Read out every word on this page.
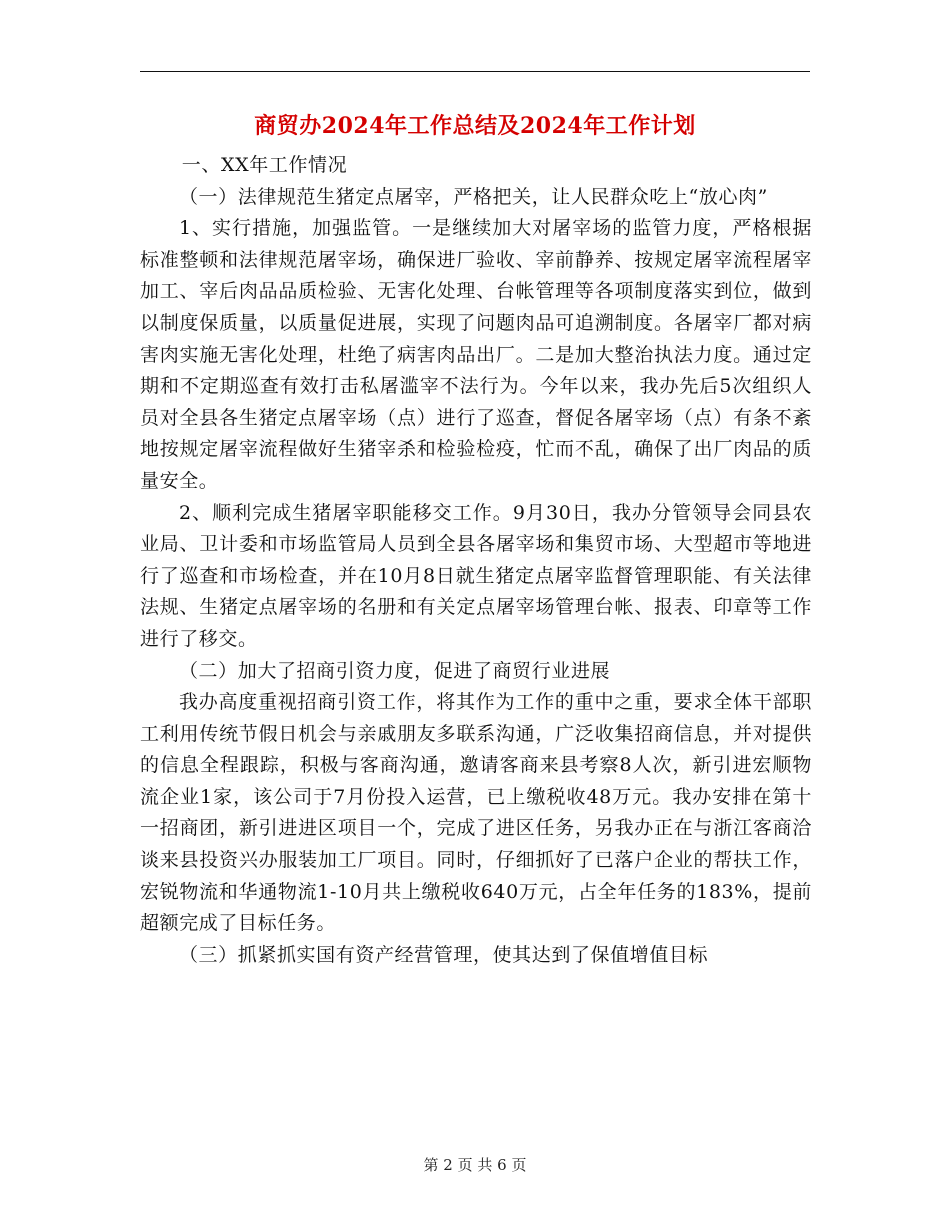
商贸办2024年工作总结及2024年工作计划

一、XX年工作情况

（一）法律规范生猪定点屠宰，严格把关，让人民群众吃上“放心肉”

1、实行措施，加强监管。一是继续加大对屠宰场的监管力度，严格根据标准整顿和法律规范屠宰场，确保进厂验收、宰前静养、按规定屠宰流程屠宰加工、宰后肉品品质检验、无害化处理、台帐管理等各项制度落实到位，做到以制度保质量，以质量促进展，实现了问题肉品可追溯制度。各屠宰厂都对病害肉实施无害化处理，杜绝了病害肉品出厂。二是加大整治执法力度。通过定期和不定期巡查有效打击私屠滥宰不法行为。今年以来，我办先后5次组织人员对全县各生猪定点屠宰场（点）进行了巡查，督促各屠宰场（点）有条不紊地按规定屠宰流程做好生猪宰杀和检验检疫，忙而不乱，确保了出厂肉品的质量安全。

2、顺利完成生猪屠宰职能移交工作。9月30日，我办分管领导会同县农业局、卫计委和市场监管局人员到全县各屠宰场和集贸市场、大型超市等地进行了巡查和市场检查，并在10月8日就生猪定点屠宰监督管理职能、有关法律法规、生猪定点屠宰场的名册和有关定点屠宰场管理台帐、报表、印章等工作进行了移交。

（二）加大了招商引资力度，促进了商贸行业进展

我办高度重视招商引资工作，将其作为工作的重中之重，要求全体干部职工利用传统节假日机会与亲戚朋友多联系沟通，广泛收集招商信息，并对提供的信息全程跟踪，积极与客商沟通，邀请客商来县考察8人次，新引进宏顺物流企业1家，该公司于7月份投入运营，已上缴税收48万元。我办安排在第十一招商团，新引进进区项目一个，完成了进区任务，另我办正在与浙江客商洽谈来县投资兴办服装加工厂项目。同时，仔细抓好了已落户企业的帮扶工作，宏锐物流和华通物流1-10月共上缴税收640万元，占全年任务的183%，提前超额完成了目标任务。

（三）抓紧抓实国有资产经营管理，使其达到了保值增值目标

第 2 页 共 6 页
